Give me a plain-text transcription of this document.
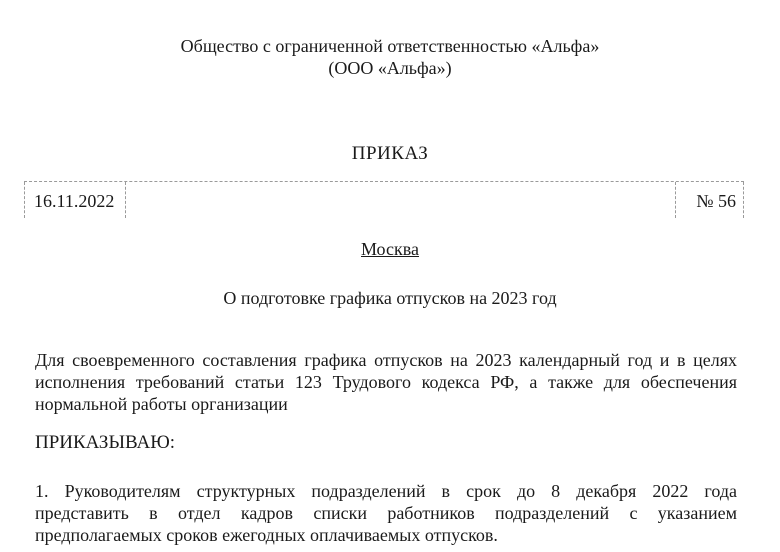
Общество с ограниченной ответственностью «Альфа»
(ООО «Альфа»)
ПРИКАЗ
16.11.2022	№ 56
Москва
О подготовке графика отпусков на 2023 год
Для своевременного составления графика отпусков на 2023 календарный год и в целях
исполнения требований статьи 123 Трудового кодекса РФ, а также для обеспечения
нормальной работы организации
ПРИКАЗЫВАЮ:
1. Руководителям структурных подразделений в срок до 8 декабря 2022 года
представить в отдел кадров списки работников подразделений с указанием
предполагаемых сроков ежегодных оплачиваемых отпусков.
